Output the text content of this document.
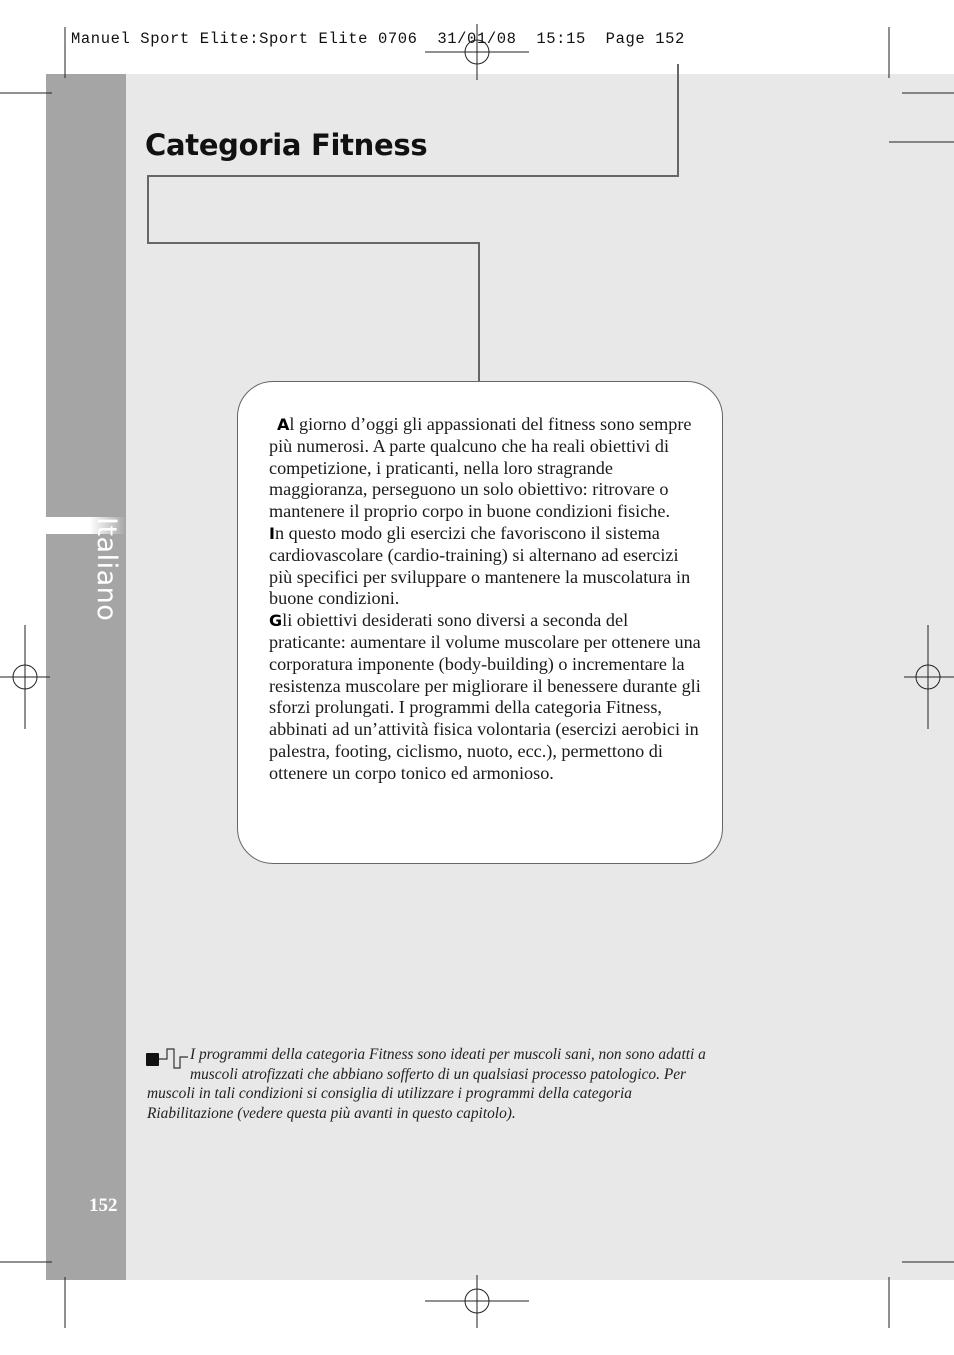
Manuel Sport Elite:Sport Elite 0706  31/01/08  15:15  Page 152
Italiano
Categoria Fitness

Al giorno d’oggi gli appassionati del fitness sono sempre più numerosi. A parte qualcuno che ha reali obiettivi di competizione, i praticanti, nella loro stragrande maggioranza, perseguono un solo obiettivo: ritrovare o mantenere il proprio corpo in buone condizioni fisiche.

In questo modo gli esercizi che favoriscono il sistema cardiovascolare (cardio-training) si alternano ad esercizi più specifici per sviluppare o mantenere la muscolatura in buone condizioni.

Gli obiettivi desiderati sono diversi a seconda del praticante: aumentare il volume muscolare per ottenere una corporatura imponente (body-building) o incrementare la resistenza muscolare per migliorare il benessere durante gli sforzi prolungati. I programmi della categoria Fitness, abbinati ad un’attività fisica volontaria (esercizi aerobici in palestra, footing, ciclismo, nuoto, ecc.), permettono di ottenere un corpo tonico ed armonioso.

I programmi della categoria Fitness sono ideati per muscoli sani, non sono adatti a
muscoli atrofizzati che abbiano sofferto di un qualsiasi processo patologico. Per
muscoli in tali condizioni si consiglia di utilizzare i programmi della categoria
Riabilitazione (vedere questa più avanti in questo capitolo).
152
